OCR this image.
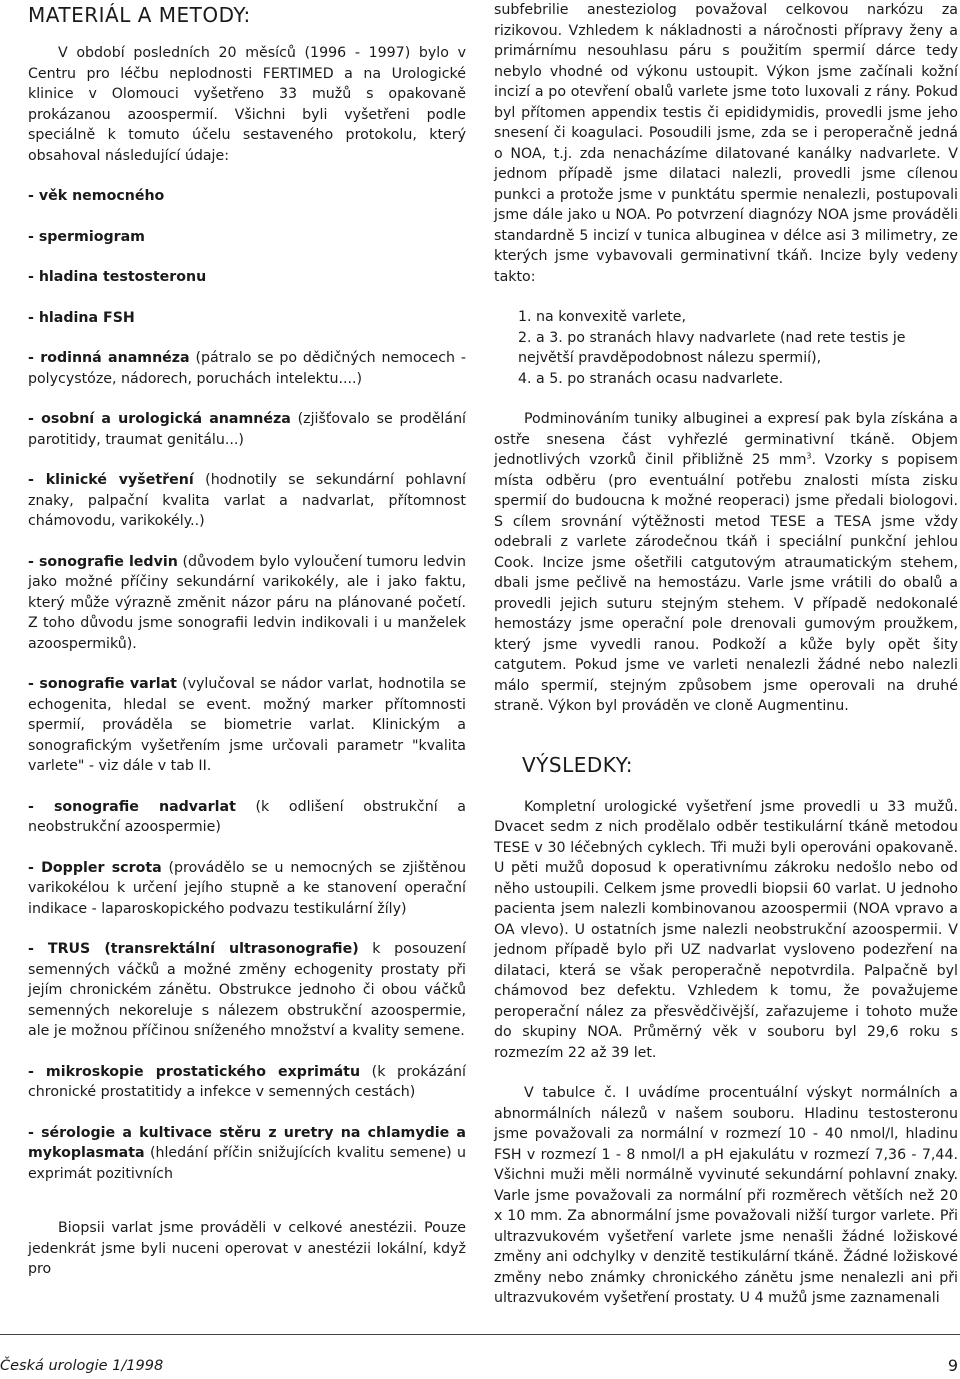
MATERIÁL A METODY:

V období posledních 20 měsíců (1996 - 1997) bylo v Centru pro léčbu neplodnosti FERTIMED a na Urologické klinice v Olomouci vyšetřeno 33 mužů s opakovaně prokázanou azoospermií. Všichni byli vyšetřeni podle speciálně k tomuto účelu sestaveného protokolu, který obsahoval následující údaje:

- věk nemocného

- spermiogram

- hladina testosteronu

- hladina FSH

- rodinná anamnéza (pátralo se po dědičných nemocech - polycystóze, nádorech, poruchách intelektu....)

- osobní a urologická anamnéza (zjišťovalo se prodělání parotitidy, traumat genitálu...)

- klinické vyšetření (hodnotily se sekundární pohlavní znaky, palpační kvalita varlat a nadvarlat, přítomnost chámovodu, varikokély..)

- sonografie ledvin (důvodem bylo vyloučení tumoru ledvin jako možné příčiny sekundární varikokély, ale i jako faktu, který může výrazně změnit názor páru na plánované početí. Z toho důvodu jsme sonografii ledvin indikovali i u manželek azoospermiků).

- sonografie varlat (vylučoval se nádor varlat, hodnotila se echogenita, hledal se event. možný marker přítomnosti spermií, prováděla se biometrie varlat. Klinickým a sonografickým vyšetřením jsme určovali parametr "kvalita varlete" - viz dále v tab II.

- sonografie nadvarlat (k odlišení obstrukční a neobstrukční azoospermie)

- Doppler scrota (provádělo se u nemocných se zjištěnou varikokélou k určení jejího stupně a ke stanovení operační indikace - laparoskopického podvazu testikulární žíly)

- TRUS (transrektální ultrasonografie) k posouzení semenných váčků a možné změny echogenity prostaty při jejím chronickém zánětu. Obstrukce jednoho či obou váčků semenných nekoreluje s nálezem obstrukční azoospermie, ale je možnou příčinou sníženého množství a kvality semene.

- mikroskopie prostatického exprimátu (k prokázání chronické prostatitidy a infekce v semenných cestách)

- sérologie a kultivace stěru z uretry na chlamydie a mykoplasmata (hledání příčin snižujících kvalitu semene) u exprimát pozitivních

Biopsii varlat jsme prováděli v celkové anestézii. Pouze jedenkrát jsme byli nuceni operovat v anestézii lokální, když pro

subfebrilie anesteziolog považoval celkovou narkózu za rizikovou. Vzhledem k nákladnosti a náročnosti přípravy ženy a primárnímu nesouhlasu páru s použitím spermií dárce tedy nebylo vhodné od výkonu ustoupit. Výkon jsme začínali kožní incizí a po otevření obalů varlete jsme toto luxovali z rány. Pokud byl přítomen appendix testis či epididymidis, provedli jsme jeho snesení či koagulaci. Posoudili jsme, zda se i peroperačně jedná o NOA, t.j. zda nenacházíme dilatované kanálky nadvarlete. V jednom případě jsme dilataci nalezli, provedli jsme cílenou punkci a protože jsme v punktátu spermie nenalezli, postupovali jsme dále jako u NOA. Po potvrzení diagnózy NOA jsme prováděli standardně 5 incizí v tunica albuginea v délce asi 3 milimetry, ze kterých jsme vybavovali germinativní tkáň. Incize byly vedeny takto:

1. na konvexitě varlete,
2. a 3. po stranách hlavy nadvarlete (nad rete testis je největší pravděpodobnost nálezu spermií),
4. a 5. po stranách ocasu nadvarlete.

Podminováním tuniky albuginei a expresí pak byla získána a ostře snesena část vyhřezlé germinativní tkáně. Objem jednotlivých vzorků činil přibližně 25 $mm^3$. Vzorky s popisem místa odběru (pro eventuální potřebu znalosti místa zisku spermií do budoucna k možné reoperaci) jsme předali biologovi. S cílem srovnání výtěžnosti metod TESE a TESA jsme vždy odebrali z varlete zárodečnou tkáň i speciální punkční jehlou Cook. Incize jsme ošetřili catgutovým atraumatickým stehem, dbali jsme pečlivě na hemostázu. Varle jsme vrátili do obalů a provedli jejich suturu stejným stehem. V případě nedokonalé hemostázy jsme operační pole drenovali gumovým proužkem, který jsme vyvedli ranou. Podkoží a kůže byly opět šity catgutem. Pokud jsme ve varleti nenalezli žádné nebo nalezli málo spermií, stejným způsobem jsme operovali na druhé straně. Výkon byl prováděn ve cloně Augmentinu.

VÝSLEDKY:

Kompletní urologické vyšetření jsme provedli u 33 mužů. Dvacet sedm z nich prodělalo odběr testikulární tkáně metodou TESE v 30 léčebných cyklech. Tři muži byli operováni opakovaně. U pěti mužů doposud k operativnímu zákroku nedošlo nebo od něho ustoupili. Celkem jsme provedli biopsii 60 varlat. U jednoho pacienta jsem nalezli kombinovanou azoospermii (NOA vpravo a OA vlevo). U ostatních jsme nalezli neobstrukční azoospermii. V jednom případě bylo při UZ nadvarlat vysloveno podezření na dilataci, která se však peroperačně nepotvrdila. Palpačně byl chámovod bez defektu. Vzhledem k tomu, že považujeme peroperační nález za přesvědčivější, zařazujeme i tohoto muže do skupiny NOA. Průměrný věk v souboru byl 29,6 roku s rozmezím 22 až 39 let.

V tabulce č. I uvádíme procentuální výskyt normálních a abnormálních nálezů v našem souboru. Hladinu testosteronu jsme považovali za normální v rozmezí 10 - 40 nmol/l, hladinu FSH v rozmezí 1 - 8 nmol/l a pH ejakulátu v rozmezí 7,36 - 7,44. Všichni muži měli normálně vyvinuté sekundární pohlavní znaky. Varle jsme považovali za normální při rozměrech větších než 20 x 10 mm. Za abnormální jsme považovali nižší turgor varlete. Při ultrazvukovém vyšetření varlete jsme nenašli žádné ložiskové změny ani odchylky v denzitě testikulární tkáně. Žádné ložiskové změny nebo známky chronického zánětu jsme nenalezli ani při ultrazvukovém vyšetření prostaty. U 4 mužů jsme zaznamenali

Česká urologie 1/1998	9
